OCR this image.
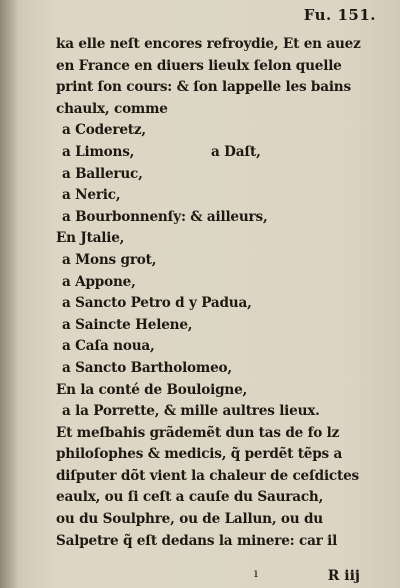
Fu. 151.
ka elle neſt encores refroydie, Et en auez
en France en diuers lieulx ſelon quelle
print ſon cours: & ſon lappelle les bains
chaulx, comme
a Coderetz,
a Limons,	a Daſt,
a Balleruc,
a Neric,
a Bourbonnenſy: & ailleurs,
En Jtalie,
a Mons grot,
a Appone,
a Sancto Petro d y Padua,
a Saincte Helene,
a Caſa noua,
a Sancto Bartholomeo,
En la conté de Bouloigne,
a la Porrette, & mille aultres lieux.
Et meſbahis grãdemẽt dun tas de fo lz
philoſophes & medicis, q̃ perdẽt tẽps a
diſputer dõt vient la chaleur de ceſdictes
eaulx, ou ſi ceſt a cauſe du Saurach,
ou du Soulphre, ou de Lallun, ou du
Salpetre q̃ eſt dedans la minere: car il
ı	R iij
